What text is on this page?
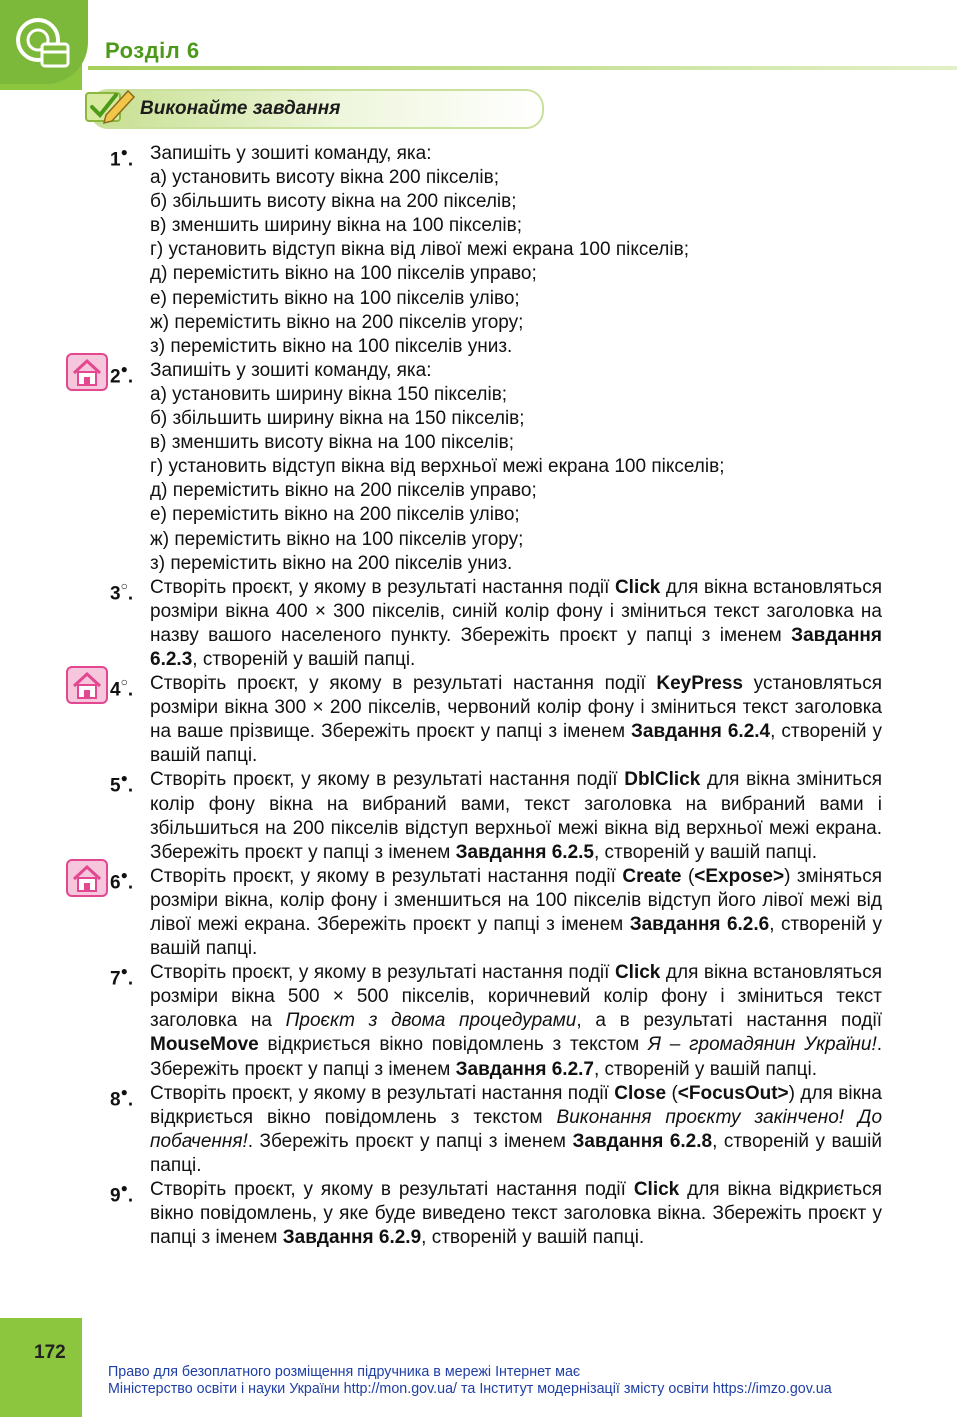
Розділ 6
Виконайте завдання
1●. Запишіть у зошиті команду, яка:
а) установить висоту вікна 200 пікселів;
б) збільшить висоту вікна на 200 пікселів;
в) зменшить ширину вікна на 100 пікселів;
г) установить відступ вікна від лівої межі екрана 100 пікселів;
д) перемістить вікно на 100 пікселів управо;
е) перемістить вікно на 100 пікселів уліво;
ж) перемістить вікно на 200 пікселів угору;
з) перемістить вікно на 100 пікселів униз.
2●. Запишіть у зошиті команду, яка:
а) установить ширину вікна 150 пікселів;
б) збільшить ширину вікна на 150 пікселів;
в) зменшить висоту вікна на 100 пікселів;
г) установить відступ вікна від верхньої межі екрана 100 пікселів;
д) перемістить вікно на 200 пікселів управо;
е) перемістить вікно на 200 пікселів уліво;
ж) перемістить вікно на 100 пікселів угору;
з) перемістить вікно на 200 пікселів униз.
3○. Створіть проєкт, у якому в результаті настання події Click для вікна встановляться розміри вікна 400 × 300 пікселів, синій колір фону і зміниться текст заголовка на назву вашого населеного пункту. Збережіть проєкт у папці з іменем Завдання 6.2.3, створеній у вашій папці.
4○. Створіть проєкт, у якому в результаті настання події KeyPress установляться розміри вікна 300 × 200 пікселів, червоний колір фону і зміниться текст заголовка на ваше прізвище. Збережіть проєкт у папці з іменем Завдання 6.2.4, створеній у вашій папці.
5●. Створіть проєкт, у якому в результаті настання події DblClick для вікна зміниться колір фону вікна на вибраний вами, текст заголовка на вибраний вами і збільшиться на 200 пікселів відступ верхньої межі вікна від верхньої межі екрана. Збережіть проєкт у папці з іменем Завдання 6.2.5, створеній у вашій папці.
6●. Створіть проєкт, у якому в результаті настання події Create (<Expose>) зміняться розміри вікна, колір фону і зменшиться на 100 пікселів відступ його лівої межі від лівої межі екрана. Збережіть проєкт у папці з іменем Завдання 6.2.6, створеній у вашій папці.
7●. Створіть проєкт, у якому в результаті настання події Click для вікна встановляться розміри вікна 500 × 500 пікселів, коричневий колір фону і зміниться текст заголовка на Проєкт з двома процедурами, а в результаті настання події MouseMove відкриється вікно повідомлень з текстом Я – громадянин України!. Збережіть проєкт у папці з іменем Завдання 6.2.7, створеній у вашій папці.
8●. Створіть проєкт, у якому в результаті настання події Close (<FocusOut>) для вікна відкриється вікно повідомлень з текстом Виконання проєкту закінчено! До побачення!. Збережіть проєкт у папці з іменем Завдання 6.2.8, створеній у вашій папці.
9●. Створіть проєкт, у якому в результаті настання події Click для вікна відкриється вікно повідомлень, у яке буде виведено текст заголовка вікна. Збережіть проєкт у папці з іменем Завдання 6.2.9, створеній у вашій папці.
172
Право для безоплатного розміщення підручника в мережі Інтернет має
Міністерство освіти і науки України http://mon.gov.ua/ та Інститут модернізації змісту освіти https://imzo.gov.ua
